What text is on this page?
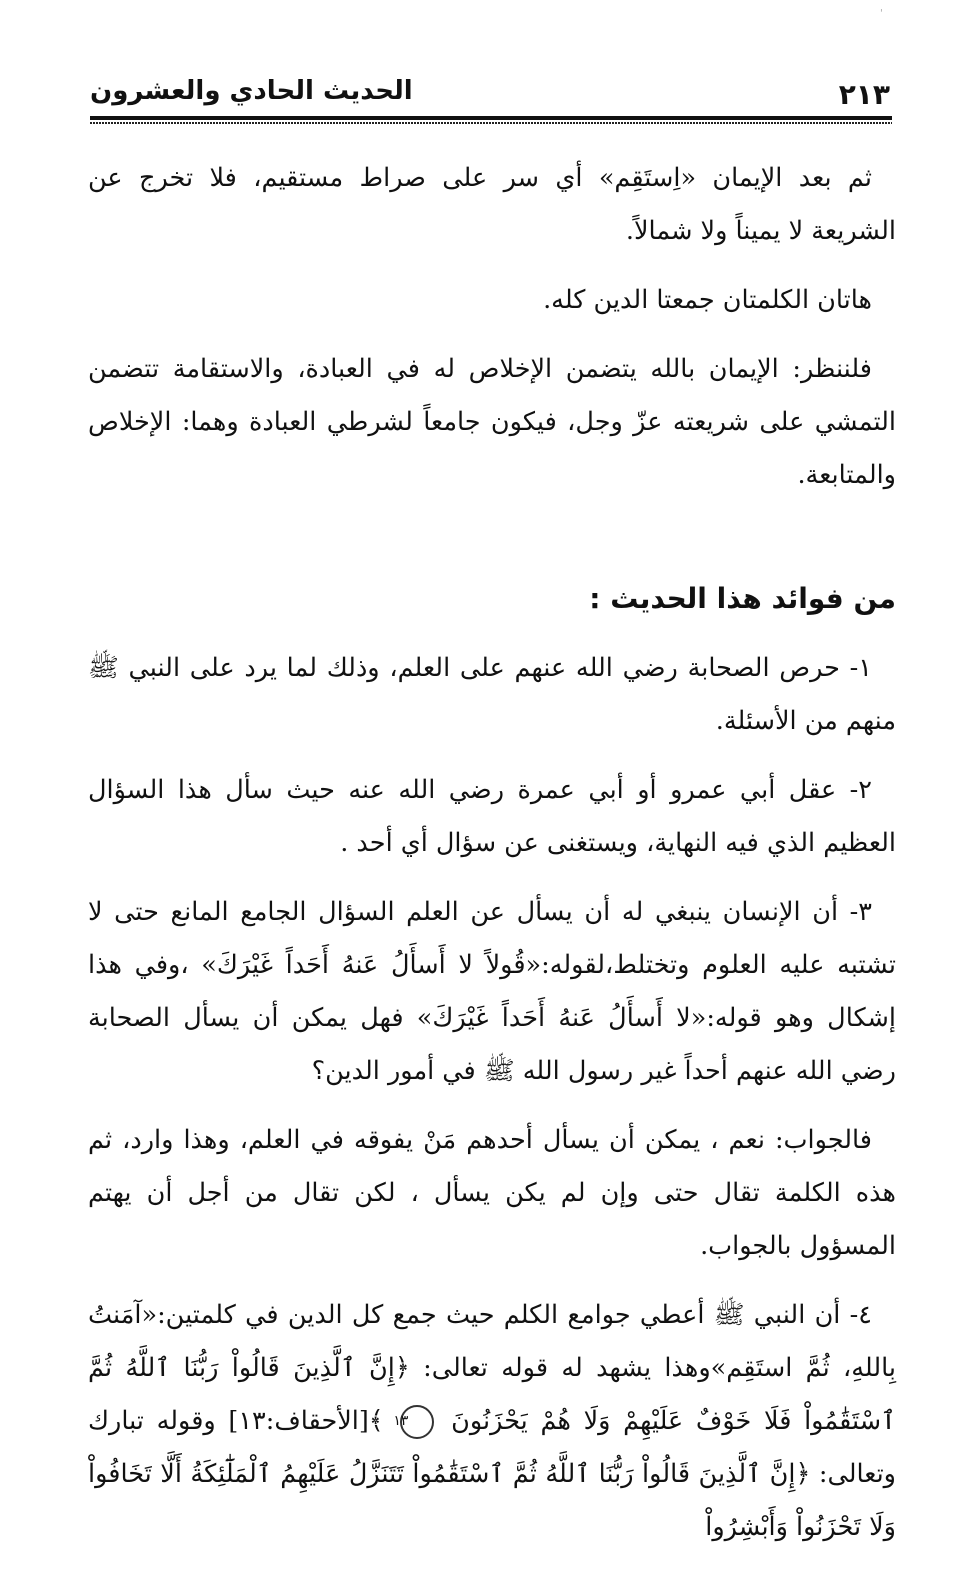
'
٢١٣
الحديث الحادي والعشرون

ثم بعد الإيمان «اِستَقِم» أي سر على صراط مستقيم، فلا تخرج عن الشريعة لا يميناً ولا شمالاً.

هاتان الكلمتان جمعتا الدين كله.

فلننظر: الإيمان بالله يتضمن الإخلاص له في العبادة، والاستقامة تتضمن التمشي على شريعته عزّ وجل، فيكون جامعاً لشرطي العبادة وهما: الإخلاص والمتابعة.

من فوائد هذا الحديث :

١- حرص الصحابة رضي الله عنهم على العلم، وذلك لما يرد على النبي ﷺ منهم من الأسئلة.

٢- عقل أبي عمرو أو أبي عمرة رضي الله عنه حيث سأل هذا السؤال العظيم الذي فيه النهاية، ويستغنى عن سؤال أي أحد .

٣- أن الإنسان ينبغي له أن يسأل عن العلم السؤال الجامع المانع حتى لا تشتبه عليه العلوم وتختلط،لقوله:«قُولاً لا أَسأَلُ عَنهُ أَحَداً غَيْرَكَ» ،وفي هذا إشكال وهو قوله:«لا أَسأَلُ عَنهُ أَحَداً غَيْرَكَ» فهل يمكن أن يسأل الصحابة رضي الله عنهم أحداً غير رسول الله ﷺ في أمور الدين؟

فالجواب: نعم ، يمكن أن يسأل أحدهم مَنْ يفوقه في العلم، وهذا وارد، ثم هذه الكلمة تقال حتى وإن لم يكن يسأل ، لكن تقال من أجل أن يهتم المسؤول بالجواب.

٤- أن النبي ﷺ أعطي جوامع الكلم حيث جمع كل الدين في كلمتين:«آمَنتُ بِاللهِ، ثُمَّ استَقِم»وهذا يشهد له قوله تعالى: ﴿إِنَّ ٱلَّذِينَ قَالُواْ رَبُّنَا ٱللَّهُ ثُمَّ ٱسْتَقَٰمُواْ فَلَا خَوْفٌ عَلَيْهِمْ وَلَا هُمْ يَحْزَنُونَ ١٣ ﴾[الأحقاف:١٣] وقوله تبارك وتعالى: ﴿إِنَّ ٱلَّذِينَ قَالُواْ رَبُّنَا ٱللَّهُ ثُمَّ ٱسْتَقَٰمُواْ تَتَنَزَّلُ عَلَيْهِمُ ٱلْمَلَٰٓئِكَةُ أَلَّا تَخَافُواْ وَلَا تَحْزَنُواْ وَأَبْشِرُواْ
